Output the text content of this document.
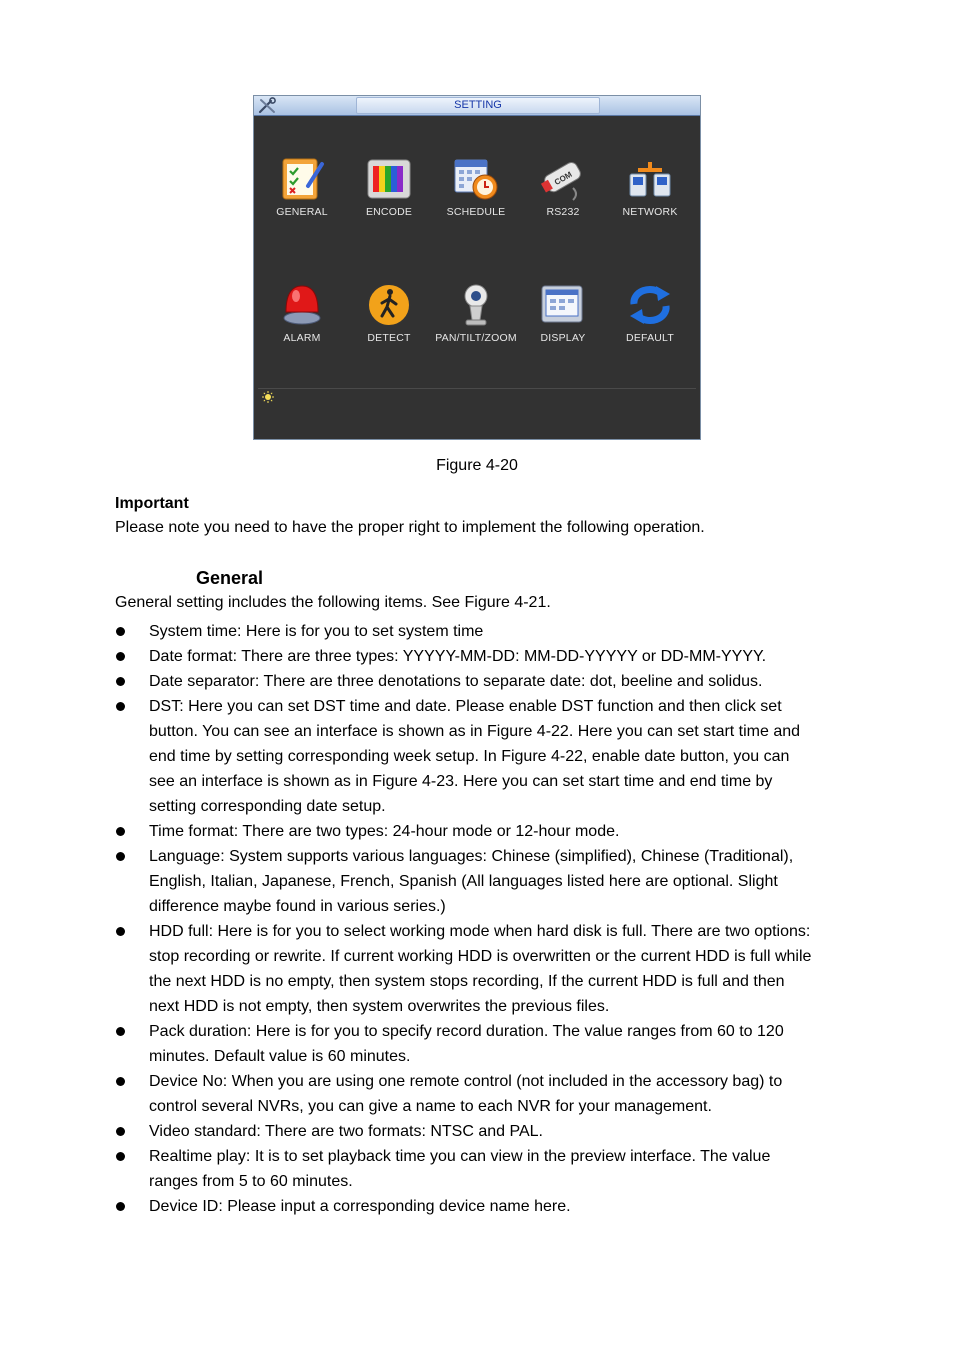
SETTING
GENERAL	ENCODE	SCHEDULE
COM
RS232	NETWORK
ALARM	DETECT	PAN/TILT/ZOOM	DISPLAY	DEFAULT
Figure 4-20
Important
Please note you need to have the proper right to implement the following operation.
General
General setting includes the following items. See Figure 4-21.
System time: Here is for you to set system time
Date format: There are three types: YYYYY-MM-DD: MM-DD-YYYYY or DD-MM-YYYY.
Date separator: There are three denotations to separate date: dot, beeline and solidus.
DST: Here you can set DST time and date. Please enable DST function and then click set
button. You can see an interface is shown as in Figure 4-22. Here you can set start time and
end time by setting corresponding week setup. In Figure 4-22, enable date button, you can
see an interface is shown as in Figure 4-23. Here you can set start time and end time by
setting corresponding date setup.
Time format: There are two types: 24-hour mode or 12-hour mode.
Language: System supports various languages: Chinese (simplified), Chinese (Traditional),
English, Italian, Japanese, French, Spanish (All languages listed here are optional. Slight
difference maybe found in various series.)
HDD full: Here is for you to select working mode when hard disk is full. There are two options:
stop recording or rewrite. If current working HDD is overwritten or the current HDD is full while
the next HDD is no empty, then system stops recording, If the current HDD is full and then
next HDD is not empty, then system overwrites the previous files.
Pack duration: Here is for you to specify record duration. The value ranges from 60 to 120
minutes. Default value is 60 minutes.
Device No: When you are using one remote control (not included in the accessory bag) to
control several NVRs, you can give a name to each NVR for your management.
Video standard: There are two formats: NTSC and PAL.
Realtime play: It is to set playback time you can view in the preview interface. The value
ranges from 5 to 60 minutes.
Device ID: Please input a corresponding device name here.
